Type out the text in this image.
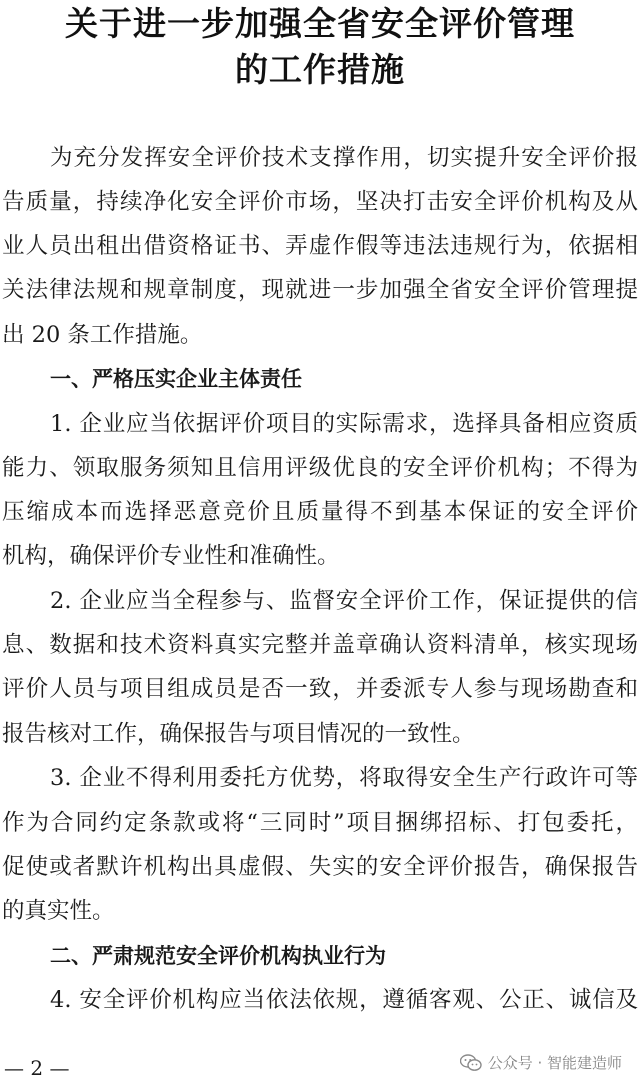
关于进一步加强全省安全评价管理
的工作措施
为充分发挥安全评价技术支撑作用，切实提升安全评价报
告质量，持续净化安全评价市场，坚决打击安全评价机构及从
业人员出租出借资格证书、弄虚作假等违法违规行为，依据相
关法律法规和规章制度，现就进一步加强全省安全评价管理提
出 20 条工作措施。
一、严格压实企业主体责任
1. 企业应当依据评价项目的实际需求，选择具备相应资质
能力、领取服务须知且信用评级优良的安全评价机构；不得为
压缩成本而选择恶意竞价且质量得不到基本保证的安全评价
机构，确保评价专业性和准确性。
2. 企业应当全程参与、监督安全评价工作，保证提供的信
息、数据和技术资料真实完整并盖章确认资料清单，核实现场
评价人员与项目组成员是否一致，并委派专人参与现场勘查和
报告核对工作，确保报告与项目情况的一致性。
3. 企业不得利用委托方优势，将取得安全生产行政许可等
作为合同约定条款或将“三同时”项目捆绑招标、打包委托，
促使或者默许机构出具虚假、失实的安全评价报告，确保报告
的真实性。
二、严肃规范安全评价机构执业行为
4. 安全评价机构应当依法依规，遵循客观、公正、诚信及
— 2 —	公众号 · 智能建造师
